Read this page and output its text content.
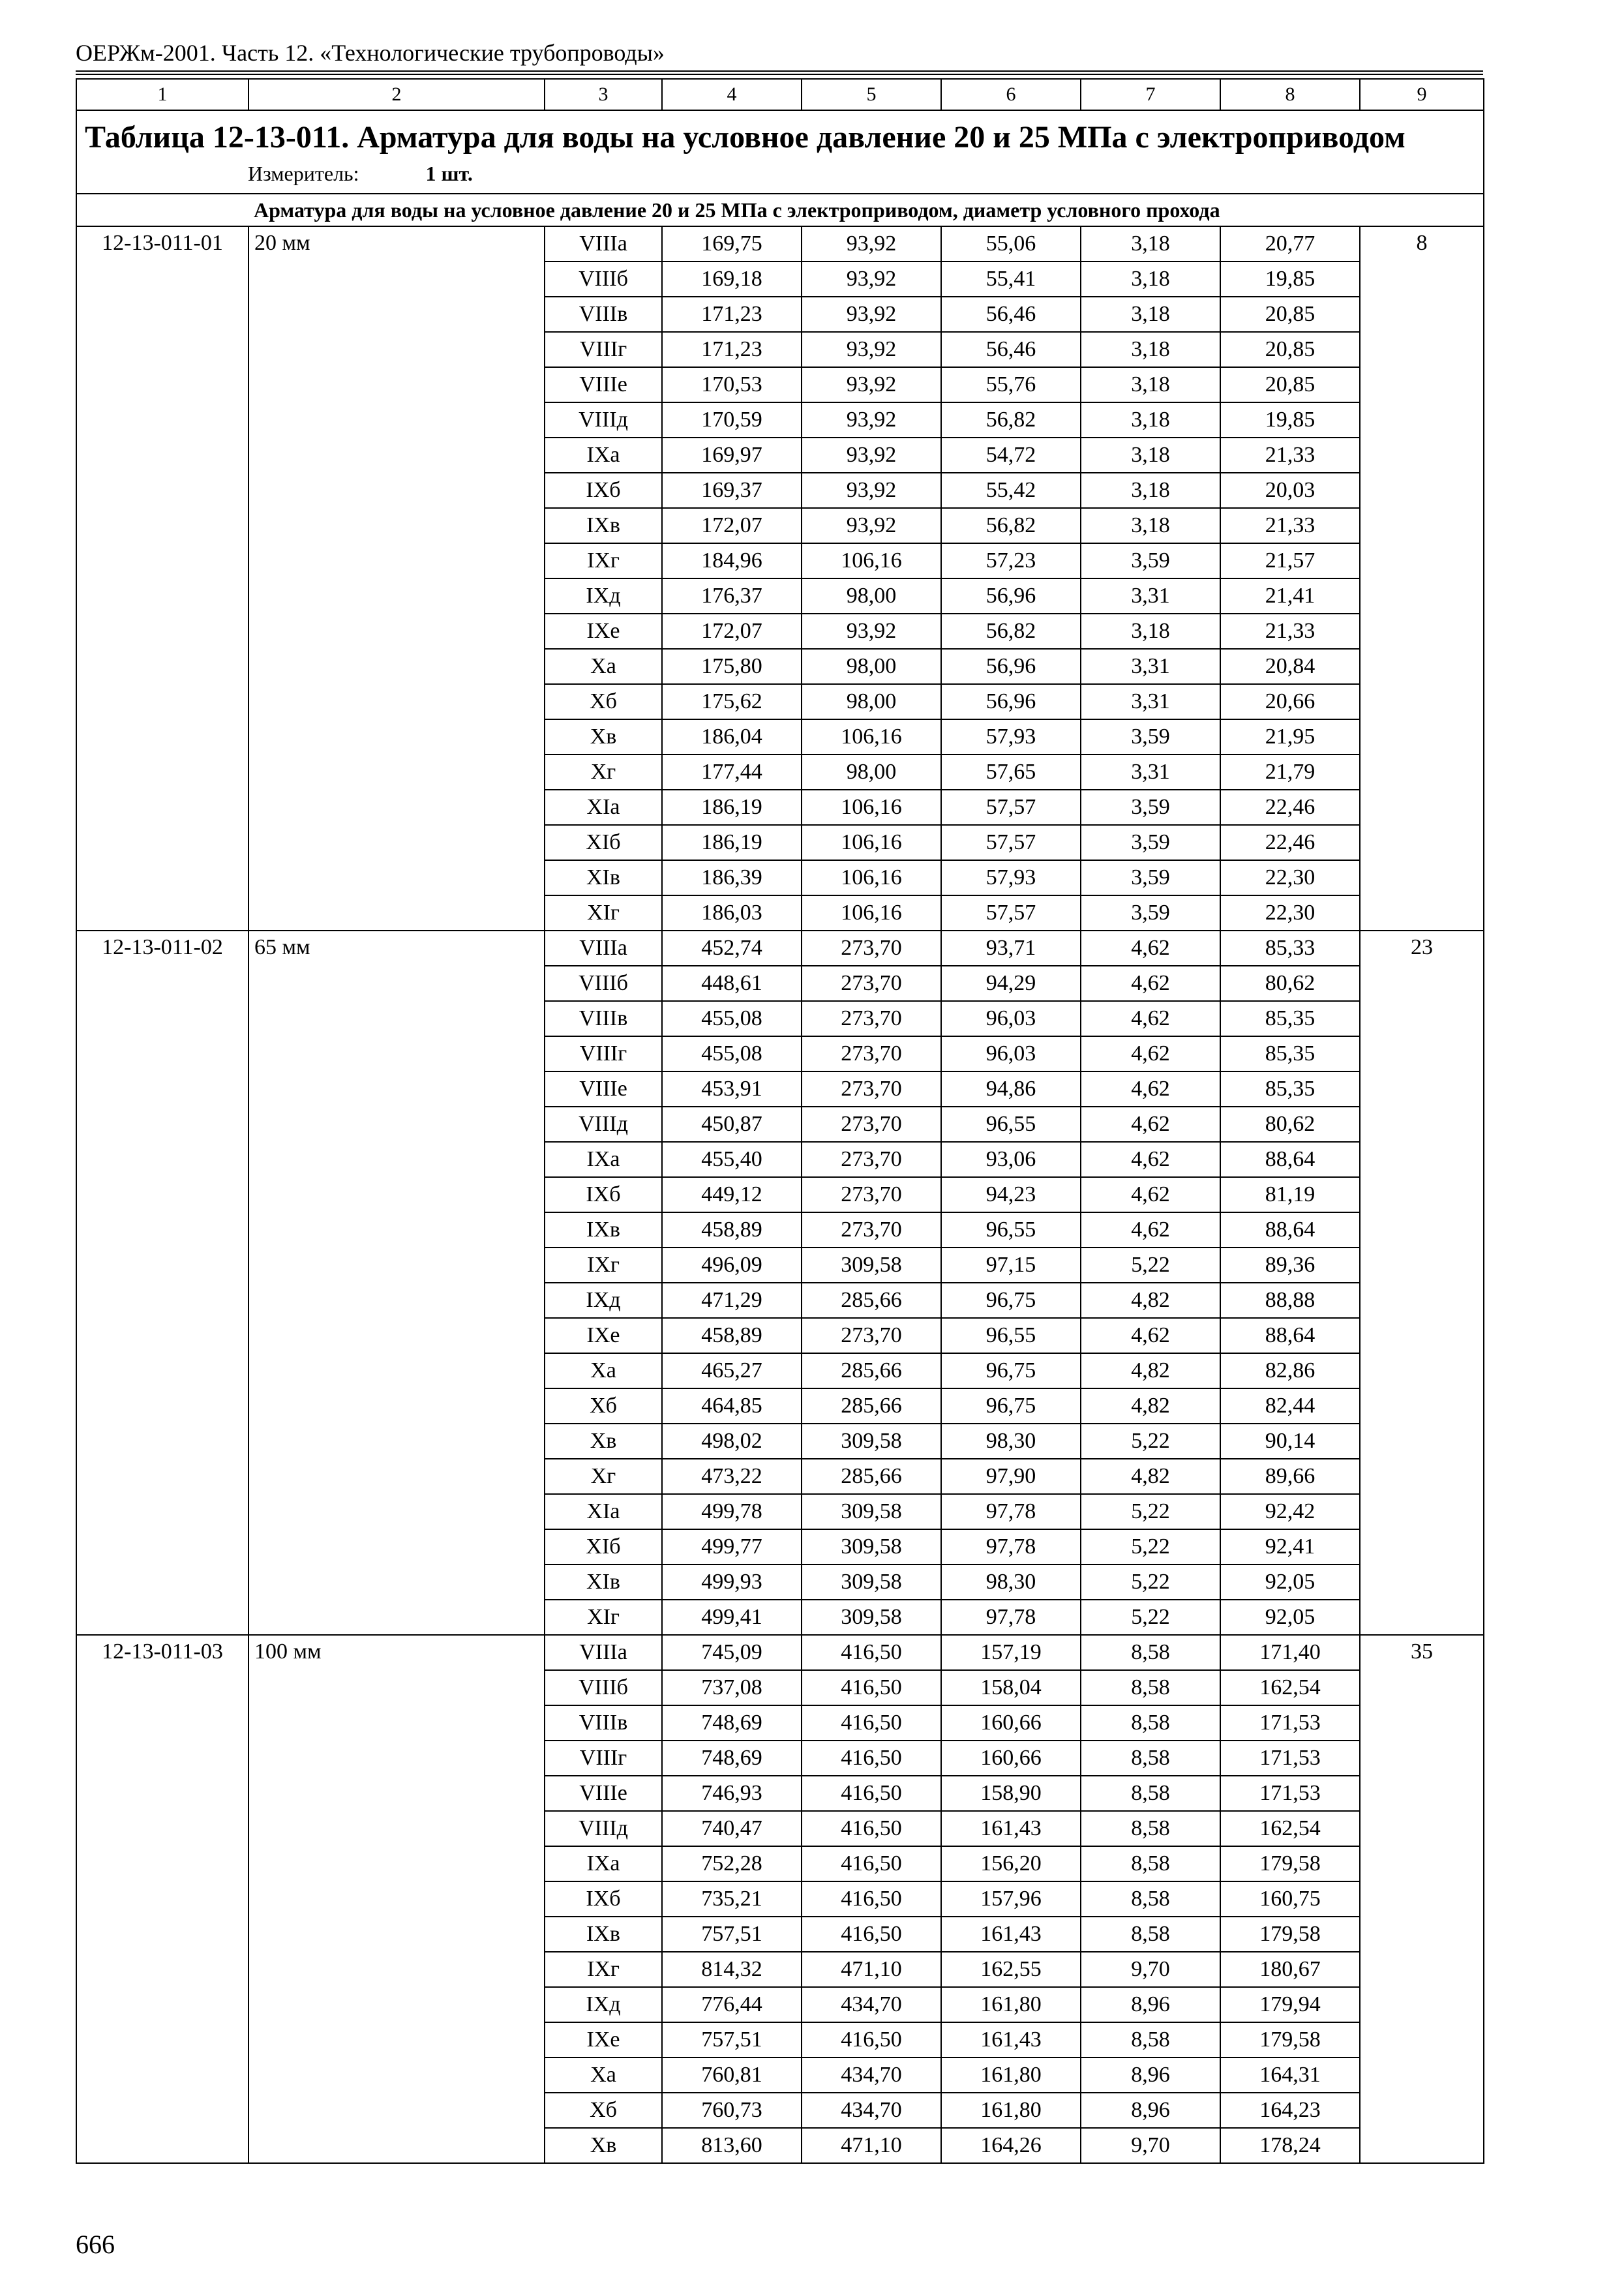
ОЕРЖм-2001. Часть 12. «Технологические трубопроводы»
1	2	3	4	5	6	7	8	9

Таблица 12-13-011. Арматура для воды на условное давление 20 и 25 МПа с электроприводом
Измеритель: 1 шт.								

Арматура для воды на условное давление 20 и 25 МПа с электроприводом, диаметр условного прохода								
12-13-011-01	20 мм	VIIIа	169,75	93,92	55,06	3,18	20,77	8
		VIIIб	169,18	93,92	55,41	3,18	19,85	
		VIIIв	171,23	93,92	56,46	3,18	20,85	
		VIIIг	171,23	93,92	56,46	3,18	20,85	
		VIIIе	170,53	93,92	55,76	3,18	20,85	
		VIIIд	170,59	93,92	56,82	3,18	19,85	
		IXа	169,97	93,92	54,72	3,18	21,33	
		IXб	169,37	93,92	55,42	3,18	20,03	
		IXв	172,07	93,92	56,82	3,18	21,33	
		IXг	184,96	106,16	57,23	3,59	21,57	
		IXд	176,37	98,00	56,96	3,31	21,41	
		IXе	172,07	93,92	56,82	3,18	21,33	
		Xа	175,80	98,00	56,96	3,31	20,84	
		Xб	175,62	98,00	56,96	3,31	20,66	
		Xв	186,04	106,16	57,93	3,59	21,95	
		Xг	177,44	98,00	57,65	3,31	21,79	
		XIа	186,19	106,16	57,57	3,59	22,46	
		XIб	186,19	106,16	57,57	3,59	22,46	
		XIв	186,39	106,16	57,93	3,59	22,30	
		XIг	186,03	106,16	57,57	3,59	22,30	
12-13-011-02	65 мм	VIIIа	452,74	273,70	93,71	4,62	85,33	23
		VIIIб	448,61	273,70	94,29	4,62	80,62	
		VIIIв	455,08	273,70	96,03	4,62	85,35	
		VIIIг	455,08	273,70	96,03	4,62	85,35	
		VIIIе	453,91	273,70	94,86	4,62	85,35	
		VIIIд	450,87	273,70	96,55	4,62	80,62	
		IXа	455,40	273,70	93,06	4,62	88,64	
		IXб	449,12	273,70	94,23	4,62	81,19	
		IXв	458,89	273,70	96,55	4,62	88,64	
		IXг	496,09	309,58	97,15	5,22	89,36	
		IXд	471,29	285,66	96,75	4,82	88,88	
		IXе	458,89	273,70	96,55	4,62	88,64	
		Xа	465,27	285,66	96,75	4,82	82,86	
		Xб	464,85	285,66	96,75	4,82	82,44	
		Xв	498,02	309,58	98,30	5,22	90,14	
		Xг	473,22	285,66	97,90	4,82	89,66	
		XIа	499,78	309,58	97,78	5,22	92,42	
		XIб	499,77	309,58	97,78	5,22	92,41	
		XIв	499,93	309,58	98,30	5,22	92,05	
		XIг	499,41	309,58	97,78	5,22	92,05	
12-13-011-03	100 мм	VIIIа	745,09	416,50	157,19	8,58	171,40	35
		VIIIб	737,08	416,50	158,04	8,58	162,54	
		VIIIв	748,69	416,50	160,66	8,58	171,53	
		VIIIг	748,69	416,50	160,66	8,58	171,53	
		VIIIе	746,93	416,50	158,90	8,58	171,53	
		VIIIд	740,47	416,50	161,43	8,58	162,54	
		IXа	752,28	416,50	156,20	8,58	179,58	
		IXб	735,21	416,50	157,96	8,58	160,75	
		IXв	757,51	416,50	161,43	8,58	179,58	
		IXг	814,32	471,10	162,55	9,70	180,67	
		IXд	776,44	434,70	161,80	8,96	179,94	
		IXе	757,51	416,50	161,43	8,58	179,58	
		Xа	760,81	434,70	161,80	8,96	164,31	
		Xб	760,73	434,70	161,80	8,96	164,23	
		Xв	813,60	471,10	164,26	9,70	178,24	
666
